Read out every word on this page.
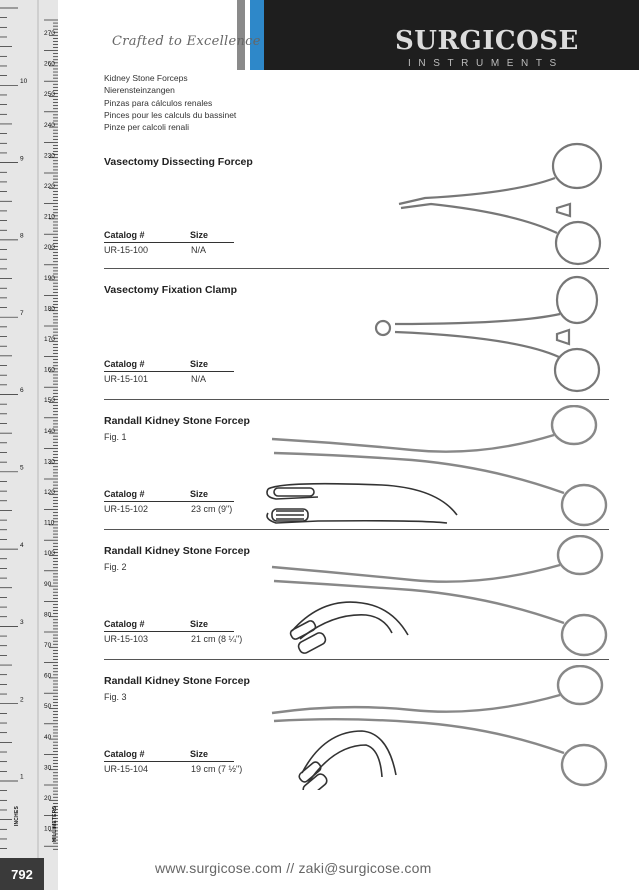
270
260
250
240
230
220
210
200
190
180
170
160
150
140
130
120
110
100
90
80
70
60
50
40
30
20
10
10
9
8
7
6
5
4
3
2
1
INCHES	MILLIMETERS
792
Crafted to Excellence	SURGICOSE
INSTRUMENTS
Kidney Stone Forceps
Nierensteinzangen
Pinzas para cálculos renales
Pinces pour les calculs du bassinet
Pinze per calcoli renali
Vasectomy Dissecting Forcep
Catalog #	Size
UR-15-100	N/A
Vasectomy Fixation Clamp
Catalog #	Size
UR-15-101	N/A
Randall Kidney Stone Forcep
Fig. 1
Catalog #	Size
UR-15-102	23 cm (9")
Randall Kidney Stone Forcep
Fig. 2
Catalog #	Size
UR-15-103	21 cm (8 ¼")
Randall Kidney Stone Forcep
Fig. 3
Catalog #	Size
UR-15-104	19 cm (7 ½")
www.surgicose.com // zaki@surgicose.com
